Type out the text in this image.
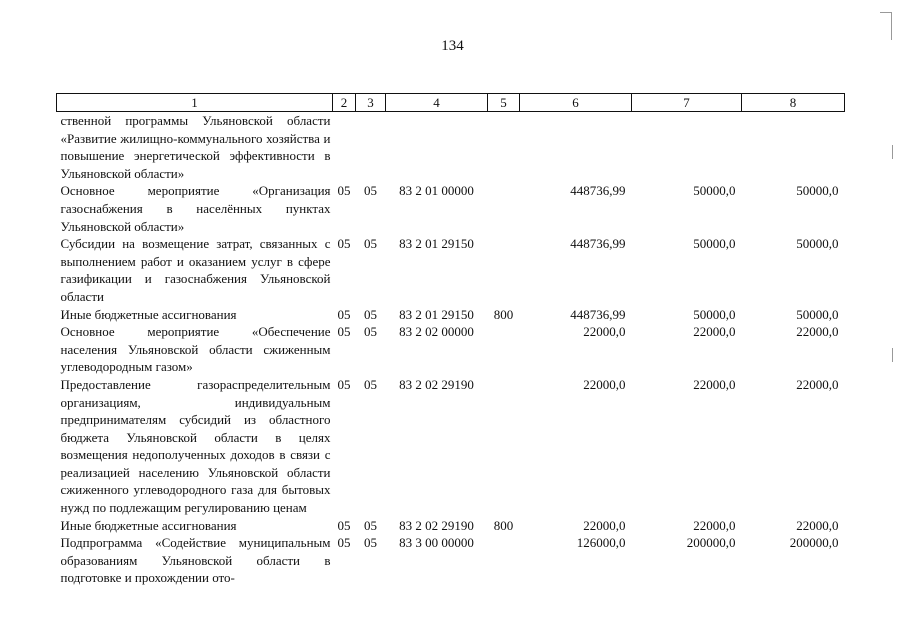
134
1	2	3	4	5	6	7	8
ственной программы Ульяновской области «Развитие жилищно-коммунального хозяйства и повышение энергетической эффективности в Ульяновской области»							
Основное мероприятие «Организация газоснабжения в населённых пунктах Ульяновской области»	05	05	83 2 01 00000		448736,99	50000,0	50000,0
Субсидии на возмещение затрат, связанных с выполнением работ и оказанием услуг в сфере газификации и газоснабжения Ульяновской области	05	05	83 2 01 29150		448736,99	50000,0	50000,0
Иные бюджетные ассигнования	05	05	83 2 01 29150	800	448736,99	50000,0	50000,0
Основное мероприятие «Обеспечение населения Ульяновской области сжиженным углеводородным газом»	05	05	83 2 02 00000		22000,0	22000,0	22000,0
Предоставление газораспределительным организациям, индивидуальным предпринимателям субсидий из областного бюджета Ульяновской области в целях возмещения недополученных доходов в связи с реализацией населению Ульяновской области сжиженного углеводородного газа для бытовых нужд по подлежащим регулированию ценам	05	05	83 2 02 29190		22000,0	22000,0	22000,0
Иные бюджетные ассигнования	05	05	83 2 02 29190	800	22000,0	22000,0	22000,0
Подпрограмма «Содействие муниципальным образованиям Ульяновской области в подготовке и прохождении ото-	05	05	83 3 00 00000		126000,0	200000,0	200000,0
